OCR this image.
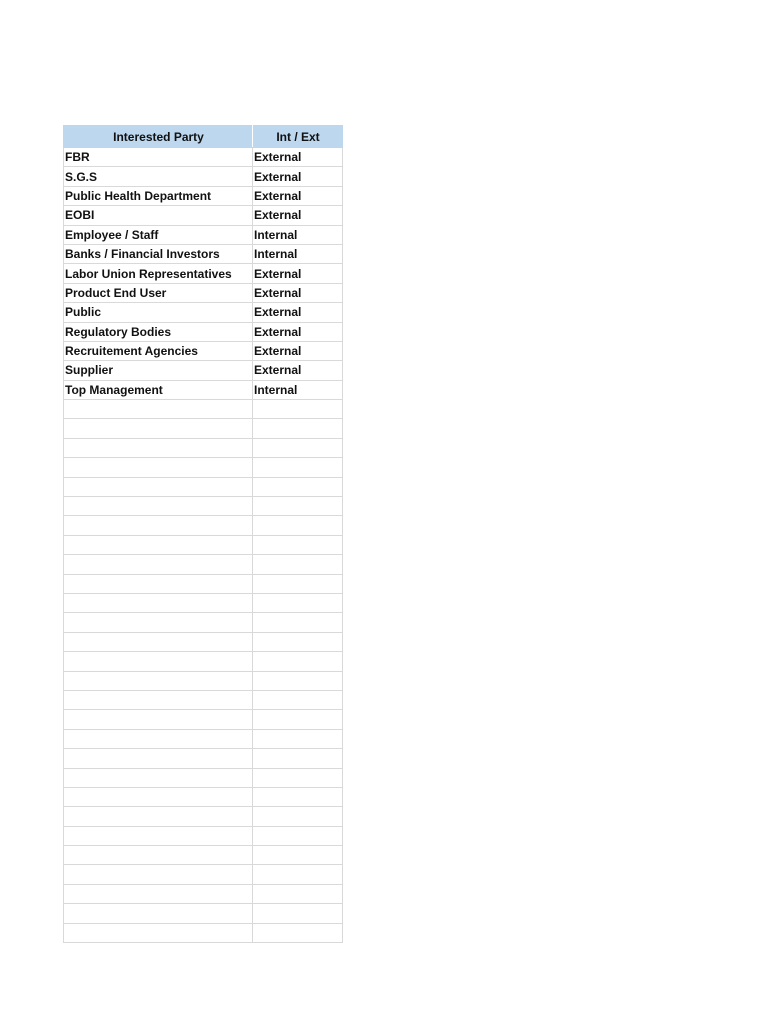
Interested Party	Int / Ext
FBR	External
S.G.S	External
Public Health Department	External
EOBI	External
Employee / Staff	Internal
Banks / Financial Investors	Internal
Labor Union Representatives	External
Product End User	External
Public	External
Regulatory Bodies	External
Recruitement Agencies	External
Supplier	External
Top Management	Internal
